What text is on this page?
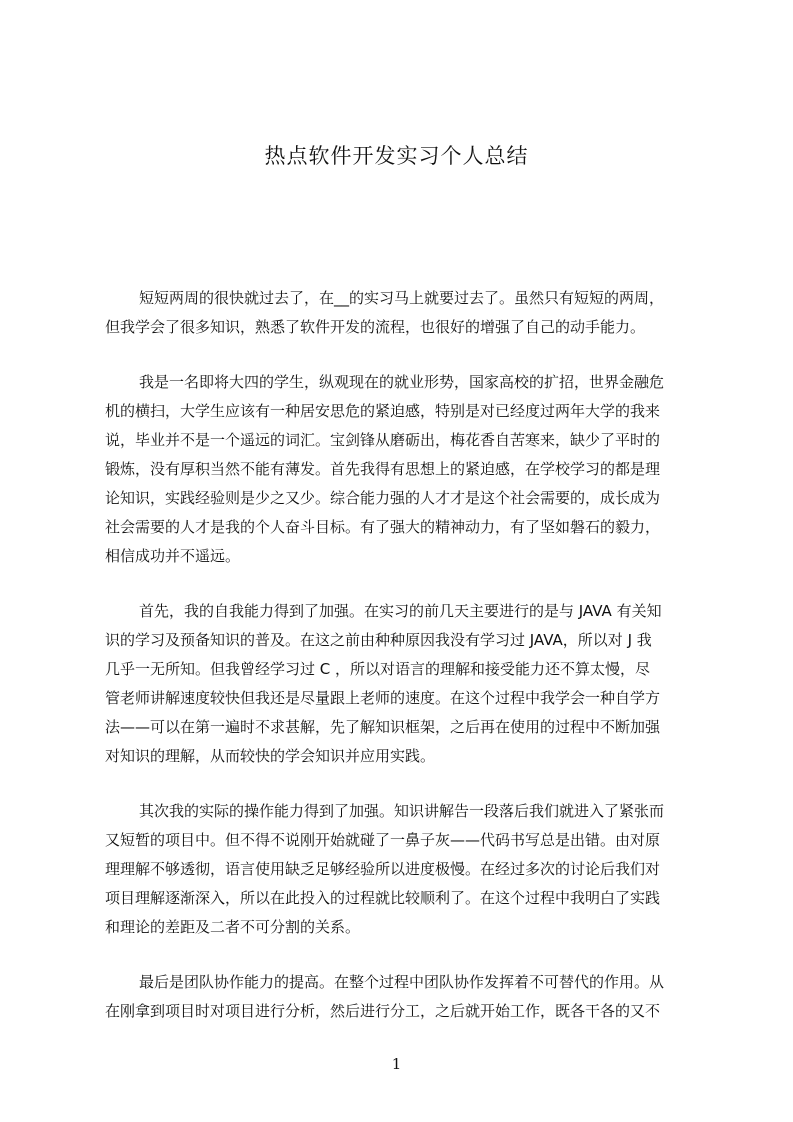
热点软件开发实习个人总结

短短两周的很快就过去了，在__的实习马上就要过去了。虽然只有短短的两周，
但我学会了很多知识，熟悉了软件开发的流程，也很好的增强了自己的动手能力。

我是一名即将大四的学生，纵观现在的就业形势，国家高校的扩招，世界金融危
机的横扫，大学生应该有一种居安思危的紧迫感，特别是对已经度过两年大学的我来
说，毕业并不是一个遥远的词汇。宝剑锋从磨砺出，梅花香自苦寒来，缺少了平时的
锻炼，没有厚积当然不能有薄发。首先我得有思想上的紧迫感，在学校学习的都是理
论知识，实践经验则是少之又少。综合能力强的人才才是这个社会需要的，成长成为
社会需要的人才是我的个人奋斗目标。有了强大的精神动力，有了坚如磐石的毅力，
相信成功并不遥远。

首先，我的自我能力得到了加强。在实习的前几天主要进行的是与 JAVA 有关知
识的学习及预备知识的普及。在这之前由种种原因我没有学习过 JAVA，所以对 J 我
几乎一无所知。但我曾经学习过 C ，所以对语言的理解和接受能力还不算太慢，尽
管老师讲解速度较快但我还是尽量跟上老师的速度。在这个过程中我学会一种自学方
法——可以在第一遍时不求甚解，先了解知识框架，之后再在使用的过程中不断加强
对知识的理解，从而较快的学会知识并应用实践。

其次我的实际的操作能力得到了加强。知识讲解告一段落后我们就进入了紧张而
又短暂的项目中。但不得不说刚开始就碰了一鼻子灰——代码书写总是出错。由对原
理理解不够透彻，语言使用缺乏足够经验所以进度极慢。在经过多次的讨论后我们对
项目理解逐渐深入，所以在此投入的过程就比较顺利了。在这个过程中我明白了实践
和理论的差距及二者不可分割的关系。

最后是团队协作能力的提高。在整个过程中团队协作发挥着不可替代的作用。从
在刚拿到项目时对项目进行分析，然后进行分工，之后就开始工作，既各干各的又不

1
